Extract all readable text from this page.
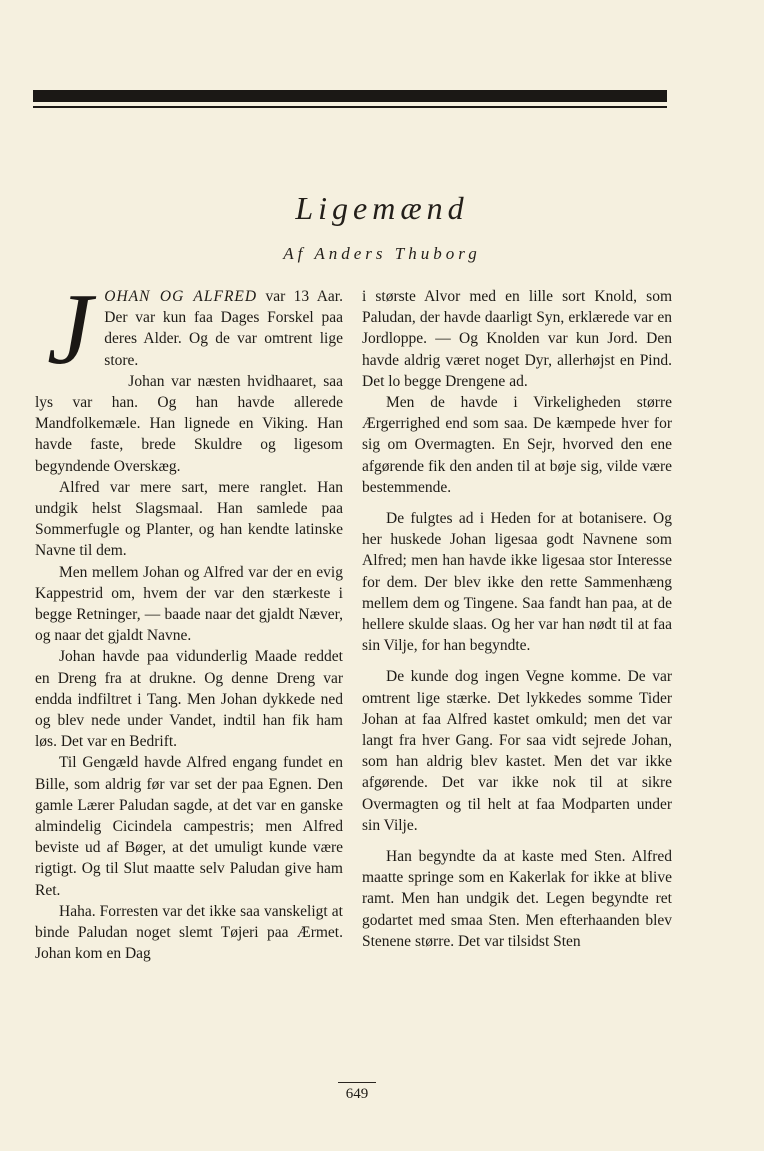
Ligemænd
Af Anders Thuborg

JOHAN OG ALFRED var 13 Aar. Der var kun faa Dages Forskel paa deres Alder. Og de var omtrent lige store.

Johan var næsten hvidhaaret, saa lys var han. Og han havde allerede Mandfolkemæle. Han lignede en Viking. Han havde faste, brede Skuldre og ligesom begyndende Overskæg.

Alfred var mere sart, mere ranglet. Han undgik helst Slagsmaal. Han samlede paa Sommerfugle og Planter, og han kendte latinske Navne til dem.

Men mellem Johan og Alfred var der en evig Kappestrid om, hvem der var den stærkeste i begge Retninger, — baade naar det gjaldt Næver, og naar det gjaldt Navne.

Johan havde paa vidunderlig Maade reddet en Dreng fra at drukne. Og denne Dreng var endda indfiltret i Tang. Men Johan dykkede ned og blev nede under Vandet, indtil han fik ham løs. Det var en Bedrift.

Til Gengæld havde Alfred engang fundet en Bille, som aldrig før var set der paa Egnen. Den gamle Lærer Paludan sagde, at det var en ganske almindelig Cicindela campestris; men Alfred beviste ud af Bøger, at det umuligt kunde være rigtigt. Og til Slut maatte selv Paludan give ham Ret.

Haha. Forresten var det ikke saa vanskeligt at binde Paludan noget slemt Tøjeri paa Ærmet. Johan kom en Dag

i største Alvor med en lille sort Knold, som Paludan, der havde daarligt Syn, erklærede var en Jordloppe. — Og Knolden var kun Jord. Den havde aldrig været noget Dyr, allerhøjst en Pind. Det lo begge Drengene ad.

Men de havde i Virkeligheden større Ærgerrighed end som saa. De kæmpede hver for sig om Overmagten. En Sejr, hvorved den ene afgørende fik den anden til at bøje sig, vilde være bestemmende.

De fulgtes ad i Heden for at botanisere. Og her huskede Johan ligesaa godt Navnene som Alfred; men han havde ikke ligesaa stor Interesse for dem. Der blev ikke den rette Sammenhæng mellem dem og Tingene. Saa fandt han paa, at de hellere skulde slaas. Og her var han nødt til at faa sin Vilje, for han begyndte.

De kunde dog ingen Vegne komme. De var omtrent lige stærke. Det lykkedes somme Tider Johan at faa Alfred kastet omkuld; men det var langt fra hver Gang. For saa vidt sejrede Johan, som han aldrig blev kastet. Men det var ikke afgørende. Det var ikke nok til at sikre Overmagten og til helt at faa Modparten under sin Vilje.

Han begyndte da at kaste med Sten. Alfred maatte springe som en Kakerlak for ikke at blive ramt. Men han undgik det. Legen begyndte ret godartet med smaa Sten. Men efterhaanden blev Stenene større. Det var tilsidst Sten

649
